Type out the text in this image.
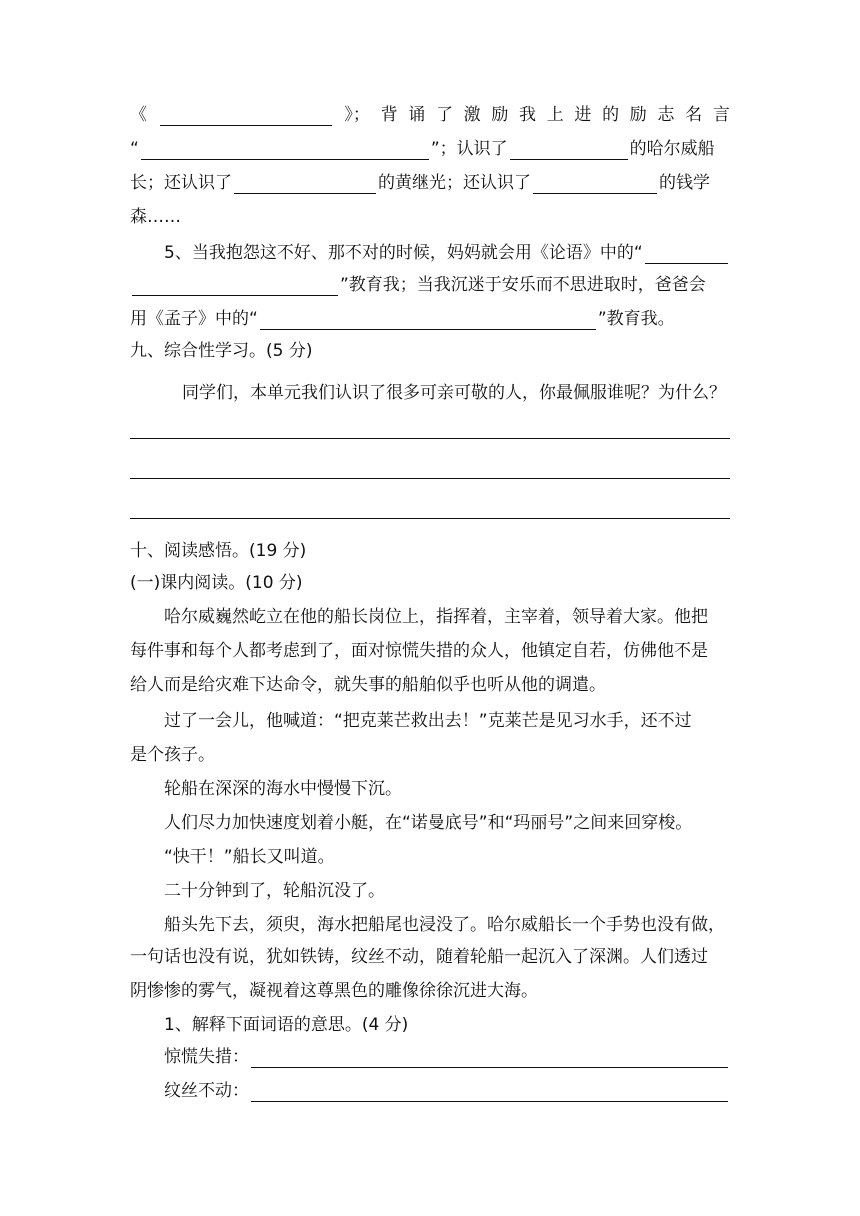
《	》； 背 诵 了 激 励 我 上 进 的 励 志 名 言
“	”；认识了	的哈尔威船
长；还认识了	的黄继光；还认识了	的钱学
森……
5、当我抱怨这不好、那不对的时候，妈妈就会用《论语》中的“
”教育我；当我沉迷于安乐而不思进取时，爸爸会
用《孟子》中的“	”教育我。
九、综合性学习。(5 分)
同学们，本单元我们认识了很多可亲可敬的人，你最佩服谁呢？为什么？
十、阅读感悟。(19 分)
(一)课内阅读。(10 分)
哈尔威巍然屹立在他的船长岗位上，指挥着，主宰着，领导着大家。他把
每件事和每个人都考虑到了，面对惊慌失措的众人，他镇定自若，仿佛他不是
给人而是给灾难下达命令，就失事的船舶似乎也听从他的调遣。
过了一会儿，他喊道：“把克莱芒救出去！”克莱芒是见习水手，还不过
是个孩子。
轮船在深深的海水中慢慢下沉。
人们尽力加快速度划着小艇，在“诺曼底号”和“玛丽号”之间来回穿梭。
“快干！”船长又叫道。
二十分钟到了，轮船沉没了。
船头先下去，须臾，海水把船尾也浸没了。哈尔威船长一个手势也没有做，
一句话也没有说，犹如铁铸，纹丝不动，随着轮船一起沉入了深渊。人们透过
阴惨惨的雾气，凝视着这尊黑色的雕像徐徐沉进大海。
1、解释下面词语的意思。(4 分)
惊慌失措：
纹丝不动：
